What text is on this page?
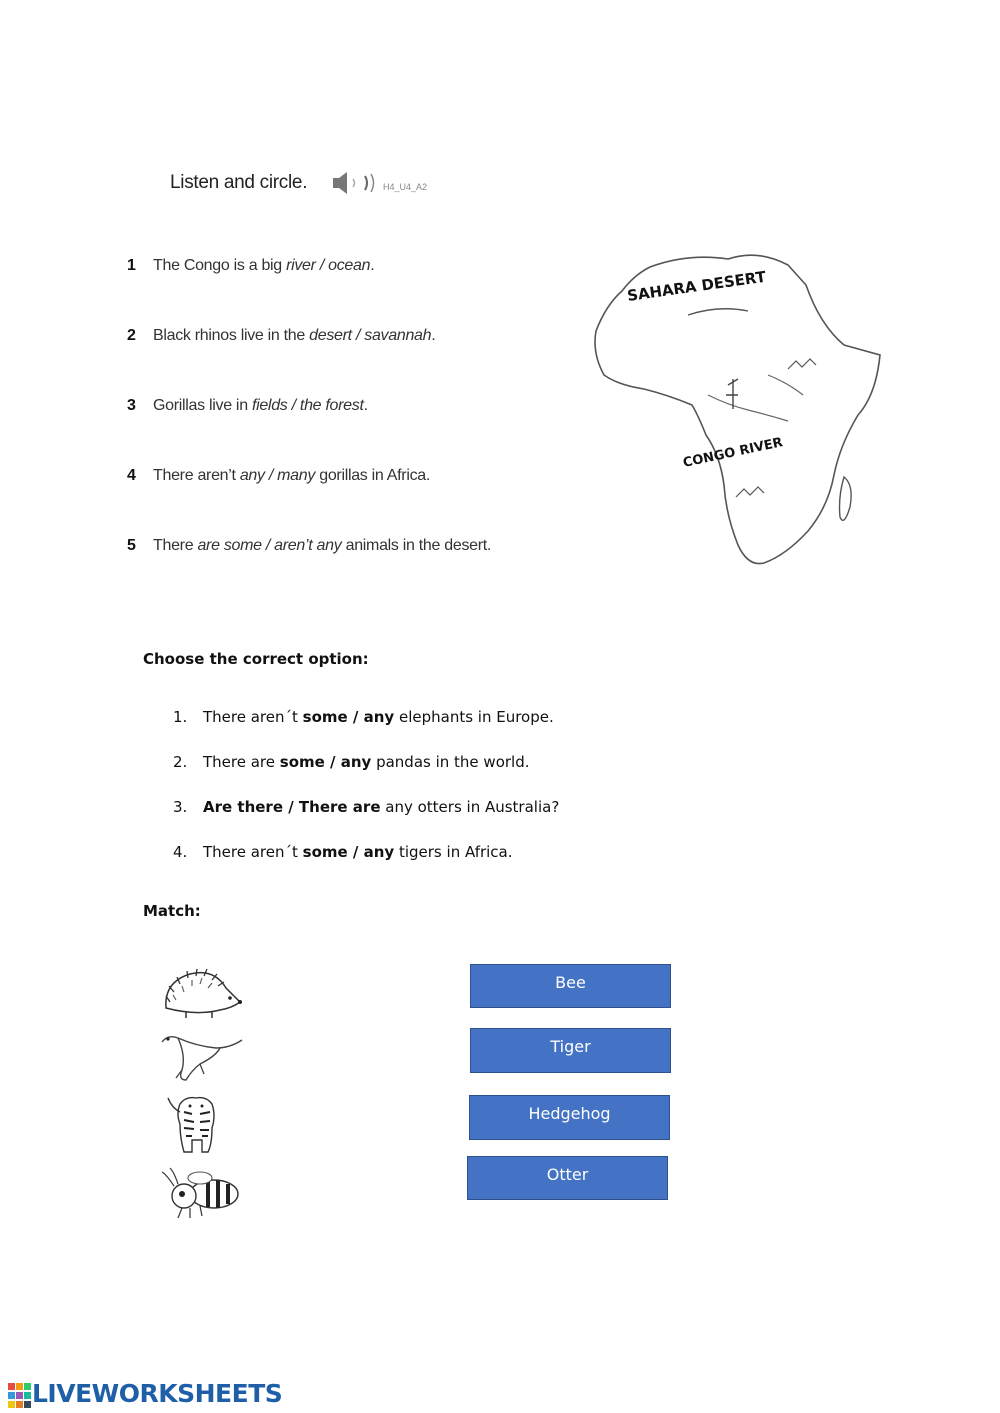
Listen and circle.	H4_U4_A2
1 The Congo is a big river / ocean.
2 Black rhinos live in the desert / savannah.
3 Gorillas live in fields / the forest.
4 There aren’t any / many gorillas in Africa.
5 There are some / aren’t any animals in the desert.
SAHARA DESERT
CONGO RIVER
Choose the correct option:
1. There aren´t some / any elephants in Europe.
2. There are some / any pandas in the world.
3. Are there / There are any otters in Australia?
4. There aren´t some / any tigers in Africa.
Match:
Bee
Tiger
Hedgehog
Otter
LIVEWORKSHEETS
